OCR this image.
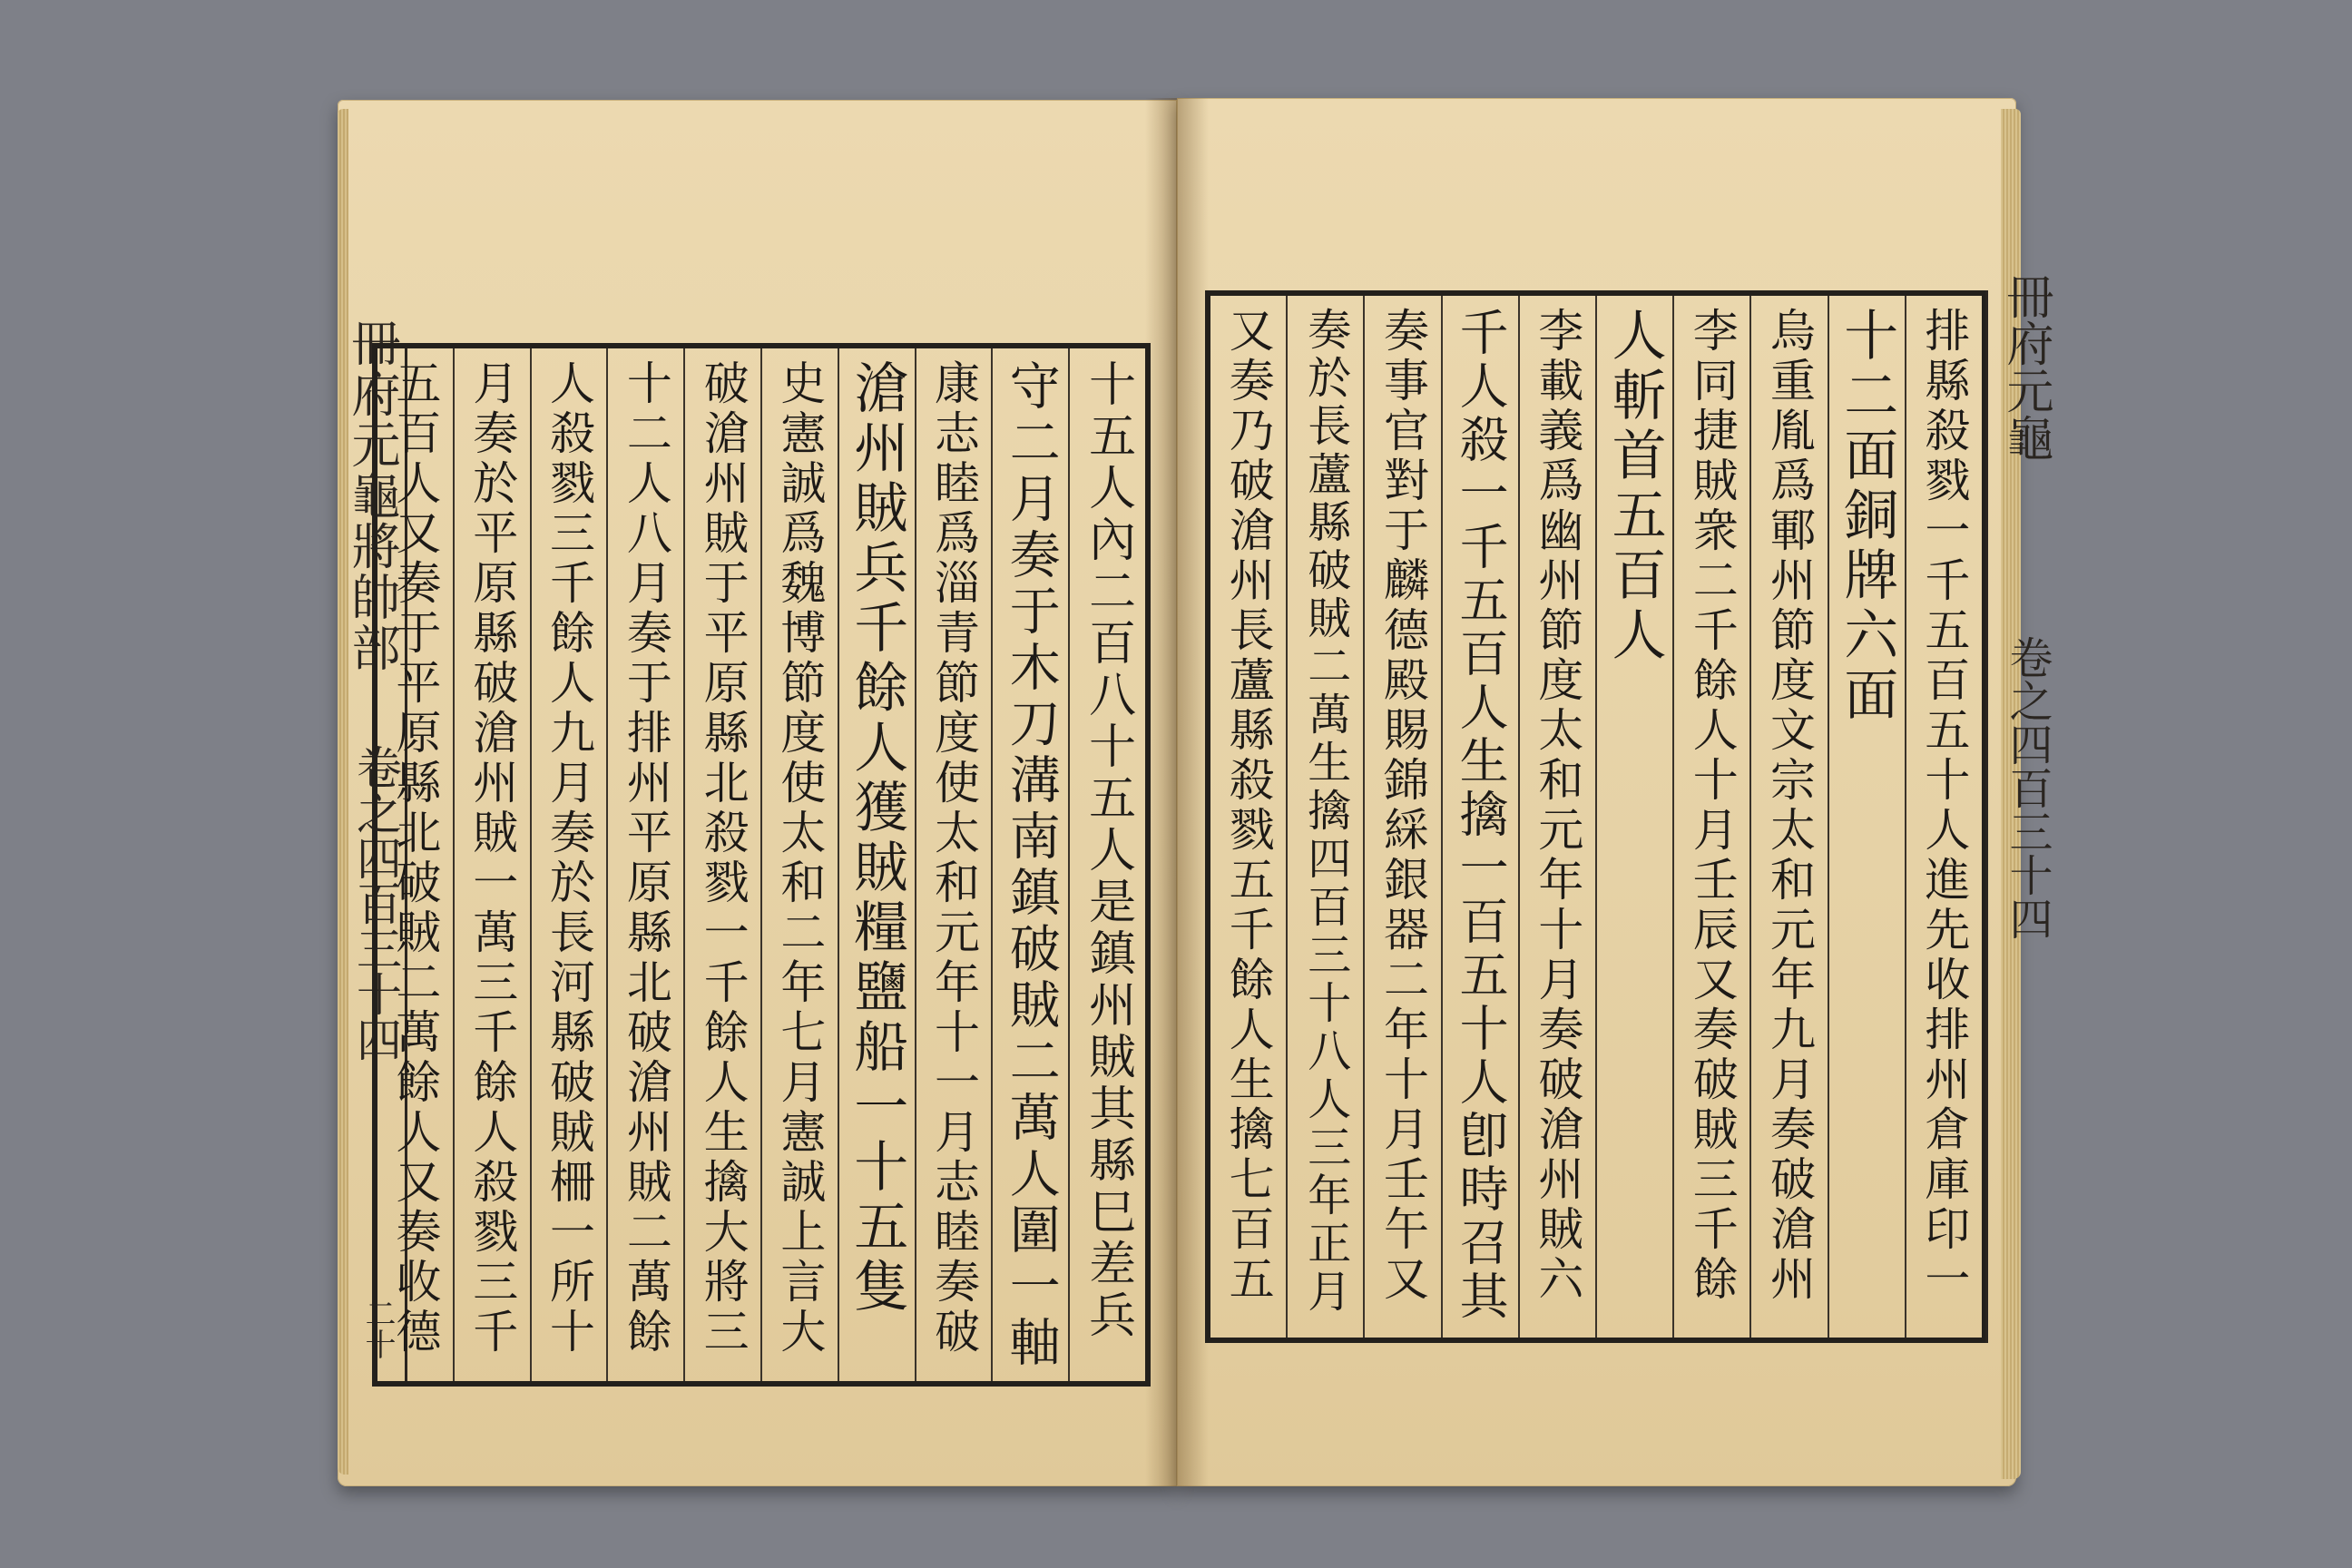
冊府元龜將帥部
卷之四百三十四
二十	十五人內二百八十五人是鎮州賊其縣巳差兵
守二月奏于木刀溝南鎮破賊二萬人圍一軸
康志睦爲淄青節度使太和元年十一月志睦奏破
滄州賊兵千餘人獲賊糧鹽船一十五隻
史憲誠爲魏博節度使太和二年七月憲誠上言大
破滄州賊于平原縣北殺戮一千餘人生擒大將三
十二人八月奏于排州平原縣北破滄州賊二萬餘
人殺戮三千餘人九月奏於長河縣破賊柵一所十
月奏於平原縣破滄州賊一萬三千餘人殺戮三千
五百人又奏于平原縣北破賊二萬餘人又奏收德	排縣殺戮一千五百五十人進先收排州倉庫印一
十二面銅牌六面
烏重胤爲鄆州節度文宗太和元年九月奏破滄州
李同捷賊衆二千餘人十月壬辰又奏破賊三千餘
人斬首五百人
李載義爲幽州節度太和元年十月奏破滄州賊六
千人殺一千五百人生擒一百五十人卽時召其
奏事官對于麟德殿賜錦綵銀器二年十月壬午又
奏於長蘆縣破賊二萬生擒四百三十八人三年正月
又奏乃破滄州長蘆縣殺戮五千餘人生擒七百五	冊府元龜
卷之四百三十四
